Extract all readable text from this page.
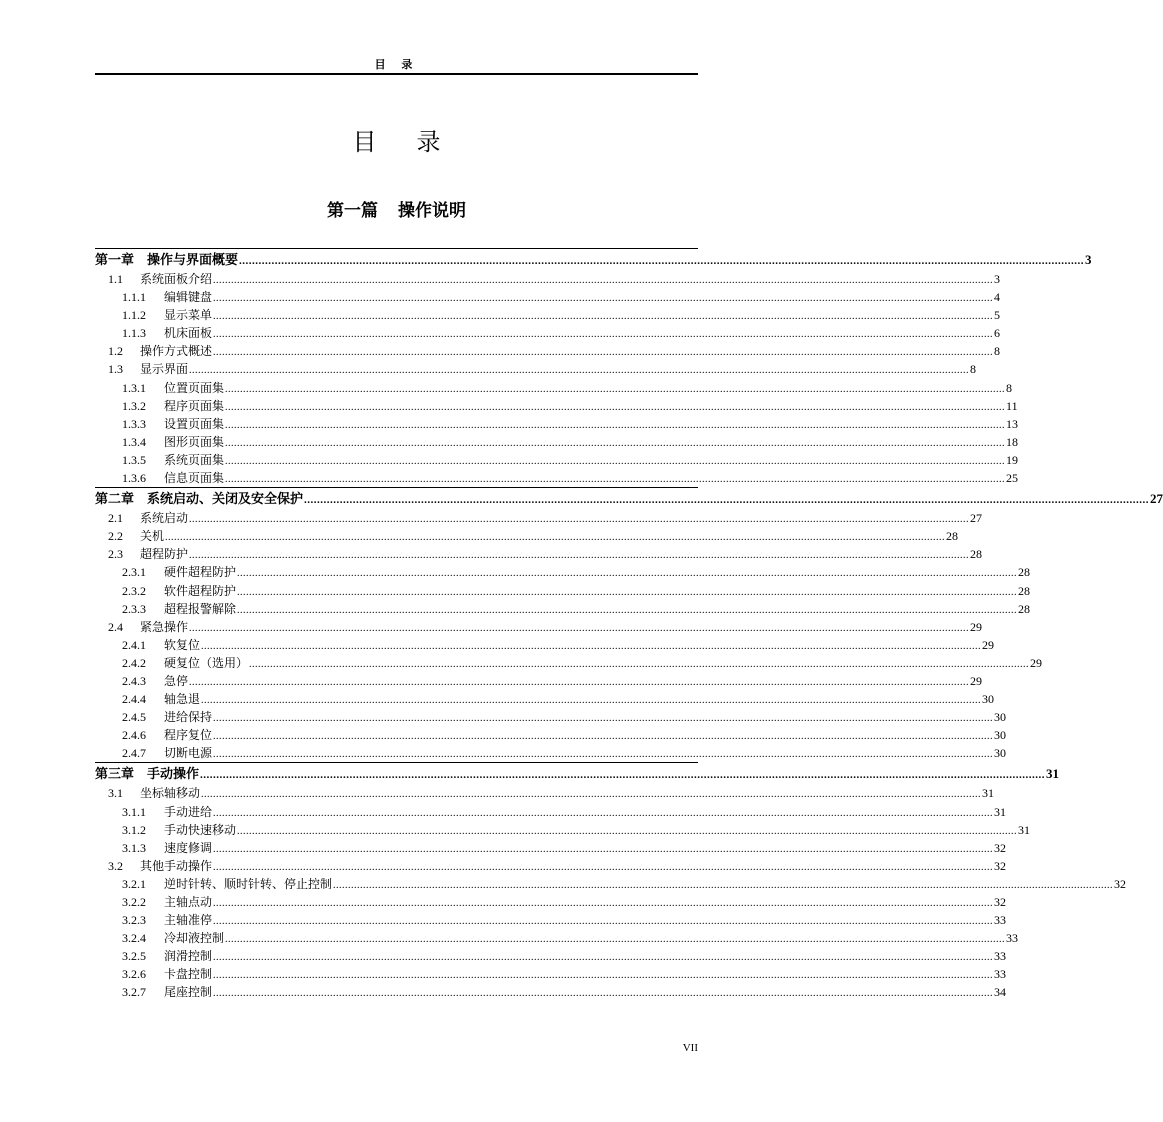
目 录
目录
第一篇 操作说明
第一章 操作与界面概要 .................................................................................................................................................................................................................................................................... 3
1.1	系统面板介绍 .................................................................................................................................................................................................................................................................... 3
1.1.1	编辑键盘 .................................................................................................................................................................................................................................................................... 4
1.1.2	显示菜单 .................................................................................................................................................................................................................................................................... 5
1.1.3	机床面板 .................................................................................................................................................................................................................................................................... 6
1.2	操作方式概述 .................................................................................................................................................................................................................................................................... 8
1.3	显示界面 .................................................................................................................................................................................................................................................................... 8
1.3.1	位置页面集 .................................................................................................................................................................................................................................................................... 8
1.3.2	程序页面集 .................................................................................................................................................................................................................................................................... 11
1.3.3	设置页面集 .................................................................................................................................................................................................................................................................... 13
1.3.4	图形页面集 .................................................................................................................................................................................................................................................................... 18
1.3.5	系统页面集 .................................................................................................................................................................................................................................................................... 19
1.3.6	信息页面集 .................................................................................................................................................................................................................................................................... 25
第二章 系统启动、关闭及安全保护 .................................................................................................................................................................................................................................................................... 27
2.1	系统启动 .................................................................................................................................................................................................................................................................... 27
2.2	关机 .................................................................................................................................................................................................................................................................... 28
2.3	超程防护 .................................................................................................................................................................................................................................................................... 28
2.3.1	硬件超程防护 .................................................................................................................................................................................................................................................................... 28
2.3.2	软件超程防护 .................................................................................................................................................................................................................................................................... 28
2.3.3	超程报警解除 .................................................................................................................................................................................................................................................................... 28
2.4	紧急操作 .................................................................................................................................................................................................................................................................... 29
2.4.1	软复位 .................................................................................................................................................................................................................................................................... 29
2.4.2	硬复位（选用） .................................................................................................................................................................................................................................................................... 29
2.4.3	急停 .................................................................................................................................................................................................................................................................... 29
2.4.4	轴急退 .................................................................................................................................................................................................................................................................... 30
2.4.5	进给保持 .................................................................................................................................................................................................................................................................... 30
2.4.6	程序复位 .................................................................................................................................................................................................................................................................... 30
2.4.7	切断电源 .................................................................................................................................................................................................................................................................... 30
第三章 手动操作 .................................................................................................................................................................................................................................................................... 31
3.1	坐标轴移动 .................................................................................................................................................................................................................................................................... 31
3.1.1	手动进给 .................................................................................................................................................................................................................................................................... 31
3.1.2	手动快速移动 .................................................................................................................................................................................................................................................................... 31
3.1.3	速度修调 .................................................................................................................................................................................................................................................................... 32
3.2	其他手动操作 .................................................................................................................................................................................................................................................................... 32
3.2.1	逆时针转、顺时针转、停止控制 .................................................................................................................................................................................................................................................................... 32
3.2.2	主轴点动 .................................................................................................................................................................................................................................................................... 32
3.2.3	主轴准停 .................................................................................................................................................................................................................................................................... 33
3.2.4	冷却液控制 .................................................................................................................................................................................................................................................................... 33
3.2.5	润滑控制 .................................................................................................................................................................................................................................................................... 33
3.2.6	卡盘控制 .................................................................................................................................................................................................................................................................... 33
3.2.7	尾座控制 .................................................................................................................................................................................................................................................................... 34
VII
